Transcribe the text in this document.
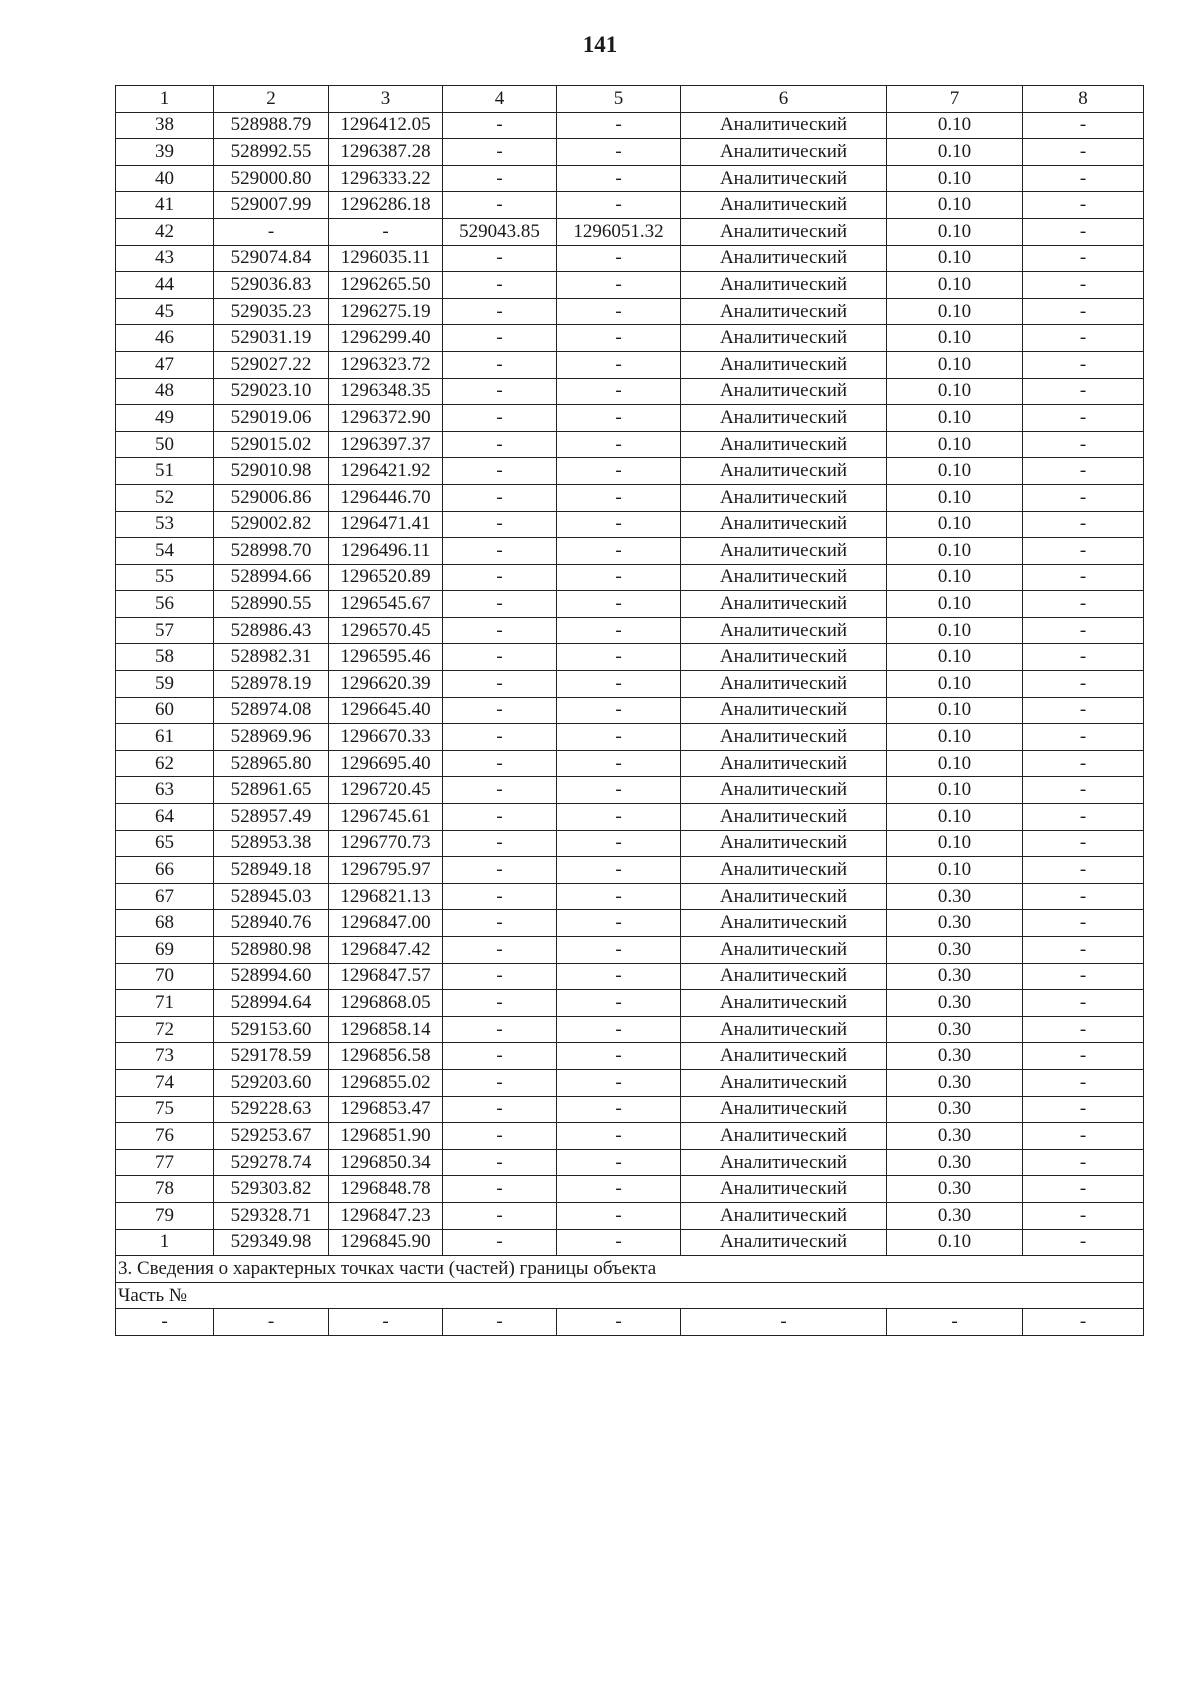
141
1	2	3	4	5	6	7	8
38	528988.79	1296412.05	-	-	Аналитический	0.10	-
39	528992.55	1296387.28	-	-	Аналитический	0.10	-
40	529000.80	1296333.22	-	-	Аналитический	0.10	-
41	529007.99	1296286.18	-	-	Аналитический	0.10	-
42	-	-	529043.85	1296051.32	Аналитический	0.10	-
43	529074.84	1296035.11	-	-	Аналитический	0.10	-
44	529036.83	1296265.50	-	-	Аналитический	0.10	-
45	529035.23	1296275.19	-	-	Аналитический	0.10	-
46	529031.19	1296299.40	-	-	Аналитический	0.10	-
47	529027.22	1296323.72	-	-	Аналитический	0.10	-
48	529023.10	1296348.35	-	-	Аналитический	0.10	-
49	529019.06	1296372.90	-	-	Аналитический	0.10	-
50	529015.02	1296397.37	-	-	Аналитический	0.10	-
51	529010.98	1296421.92	-	-	Аналитический	0.10	-
52	529006.86	1296446.70	-	-	Аналитический	0.10	-
53	529002.82	1296471.41	-	-	Аналитический	0.10	-
54	528998.70	1296496.11	-	-	Аналитический	0.10	-
55	528994.66	1296520.89	-	-	Аналитический	0.10	-
56	528990.55	1296545.67	-	-	Аналитический	0.10	-
57	528986.43	1296570.45	-	-	Аналитический	0.10	-
58	528982.31	1296595.46	-	-	Аналитический	0.10	-
59	528978.19	1296620.39	-	-	Аналитический	0.10	-
60	528974.08	1296645.40	-	-	Аналитический	0.10	-
61	528969.96	1296670.33	-	-	Аналитический	0.10	-
62	528965.80	1296695.40	-	-	Аналитический	0.10	-
63	528961.65	1296720.45	-	-	Аналитический	0.10	-
64	528957.49	1296745.61	-	-	Аналитический	0.10	-
65	528953.38	1296770.73	-	-	Аналитический	0.10	-
66	528949.18	1296795.97	-	-	Аналитический	0.10	-
67	528945.03	1296821.13	-	-	Аналитический	0.30	-
68	528940.76	1296847.00	-	-	Аналитический	0.30	-
69	528980.98	1296847.42	-	-	Аналитический	0.30	-
70	528994.60	1296847.57	-	-	Аналитический	0.30	-
71	528994.64	1296868.05	-	-	Аналитический	0.30	-
72	529153.60	1296858.14	-	-	Аналитический	0.30	-
73	529178.59	1296856.58	-	-	Аналитический	0.30	-
74	529203.60	1296855.02	-	-	Аналитический	0.30	-
75	529228.63	1296853.47	-	-	Аналитический	0.30	-
76	529253.67	1296851.90	-	-	Аналитический	0.30	-
77	529278.74	1296850.34	-	-	Аналитический	0.30	-
78	529303.82	1296848.78	-	-	Аналитический	0.30	-
79	529328.71	1296847.23	-	-	Аналитический	0.30	-
1	529349.98	1296845.90	-	-	Аналитический	0.10	-
3. Сведения о характерных точках части (частей) границы объекта							
Часть №							
-	-	-	-	-	-	-	-
